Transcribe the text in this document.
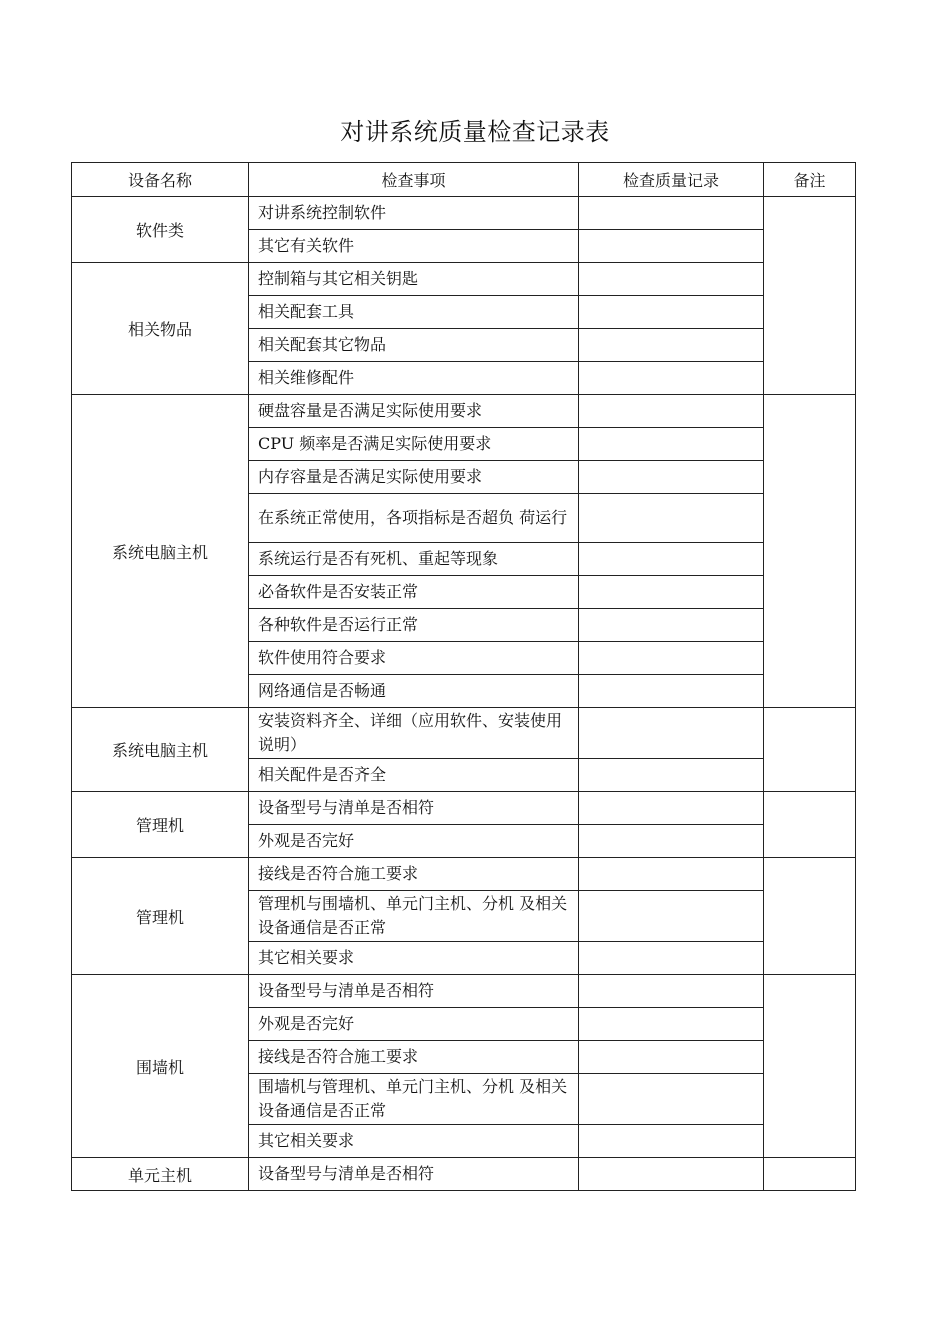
对讲系统质量检查记录表
设备名称	检查事项	检查质量记录	备注
软件类	对讲系统控制软件		
	其它有关软件		
相关物品	控制箱与其它相关钥匙		
	相关配套工具		
	相关配套其它物品		
	相关维修配件		
系统电脑主机	硬盘容量是否满足实际使用要求		
	CPU 频率是否满足实际使用要求		
	内存容量是否满足实际使用要求		
	在系统正常使用，各项指标是否超负 荷运行		
	系统运行是否有死机、重起等现象		
	必备软件是否安装正常		
	各种软件是否运行正常		
	软件使用符合要求		
	网络通信是否畅通		
系统电脑主机	安装资料齐全、详细（应用软件、安装使用说明）		
	相关配件是否齐全		
管理机	设备型号与清单是否相符		
	外观是否完好		
管理机	接线是否符合施工要求		
	管理机与围墙机、单元门主机、分机 及相关设备通信是否正常		
	其它相关要求		
围墙机	设备型号与清单是否相符		
	外观是否完好		
	接线是否符合施工要求		
	围墙机与管理机、单元门主机、分机 及相关设备通信是否正常		
	其它相关要求		
单元主机	设备型号与清单是否相符		
